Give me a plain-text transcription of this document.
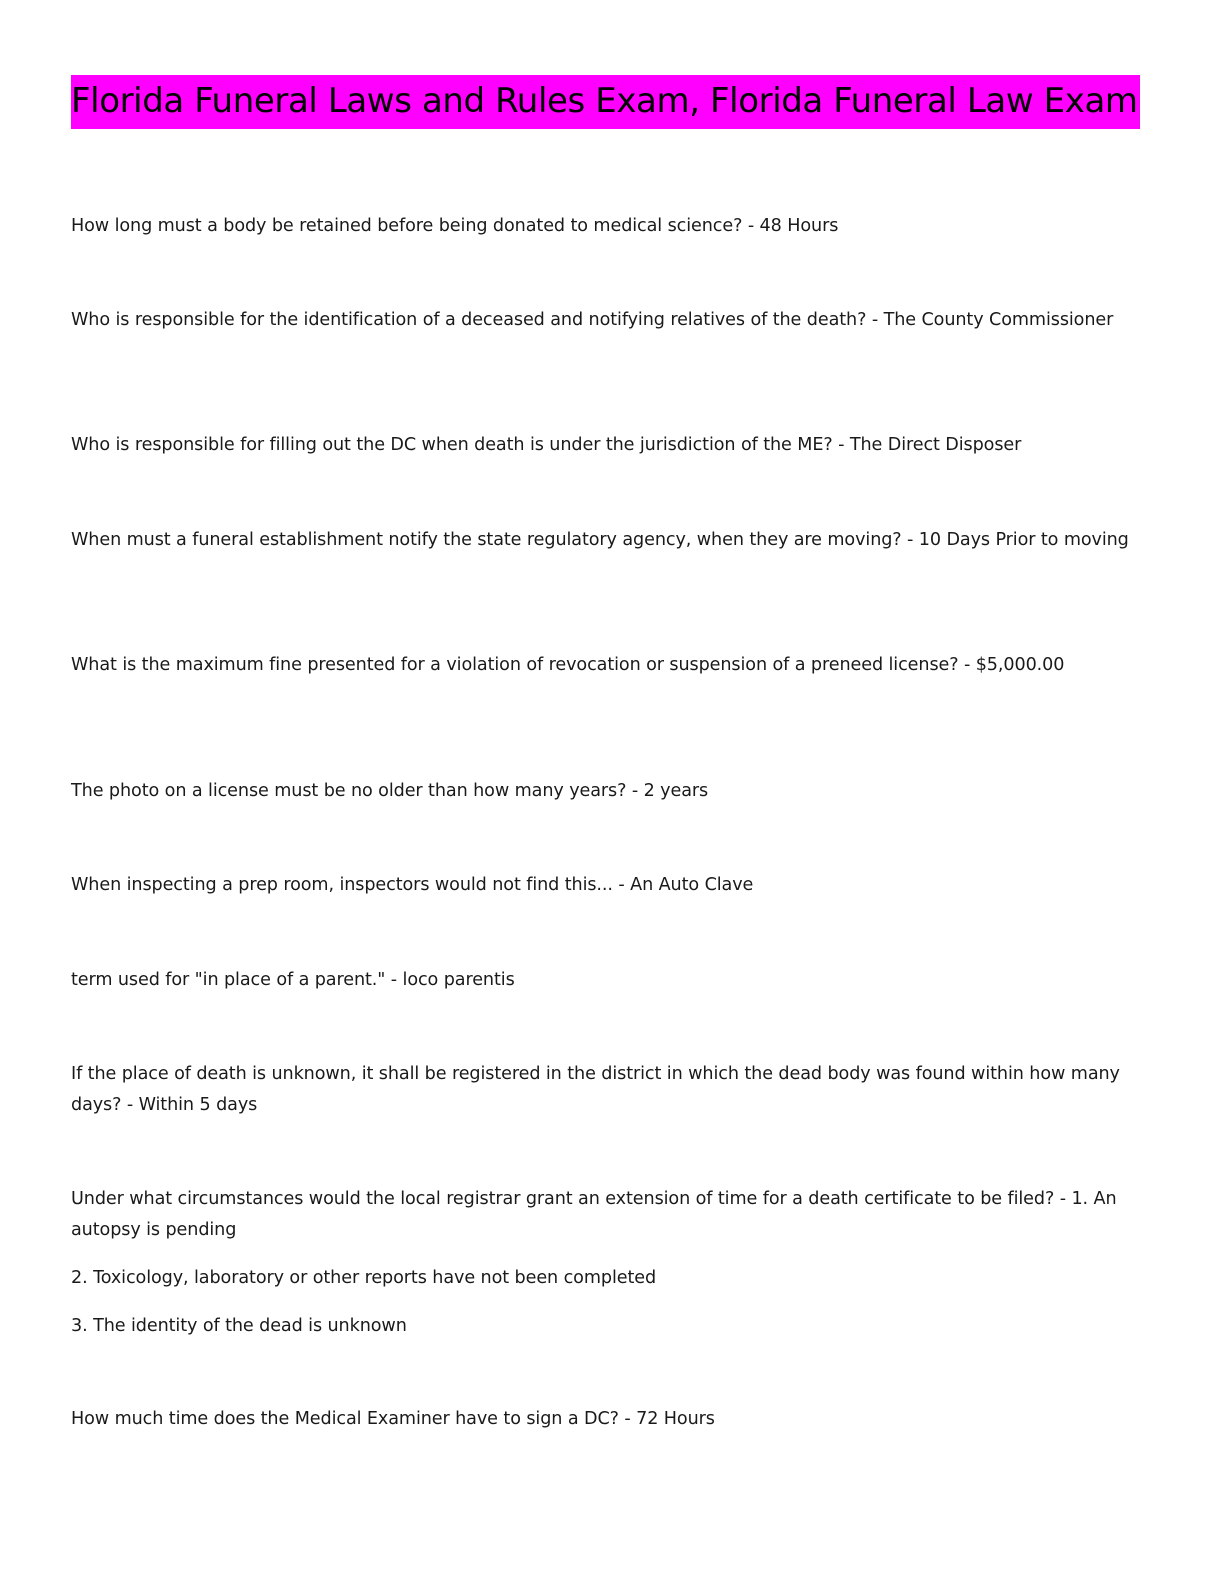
Florida Funeral Laws and Rules Exam, Florida Funeral Law Exam

How long must a body be retained before being donated to medical science? - 48 Hours

Who is responsible for the identification of a deceased and notifying relatives of the death? - The County Commissioner

Who is responsible for filling out the DC when death is under the jurisdiction of the ME? - The Direct Disposer

When must a funeral establishment notify the state regulatory agency, when they are moving? - 10 Days Prior to moving

What is the maximum fine presented for a violation of revocation or suspension of a preneed license? - $5,000.00

The photo on a license must be no older than how many years? - 2 years

When inspecting a prep room, inspectors would not find this... - An Auto Clave

term used for "in place of a parent." - loco parentis

If the place of death is unknown, it shall be registered in the district in which the dead body was found within how many days? - Within 5 days

Under what circumstances would the local registrar grant an extension of time for a death certificate to be filed? - 1. An autopsy is pending

2. Toxicology, laboratory or other reports have not been completed

3. The identity of the dead is unknown

How much time does the Medical Examiner have to sign a DC? - 72 Hours
